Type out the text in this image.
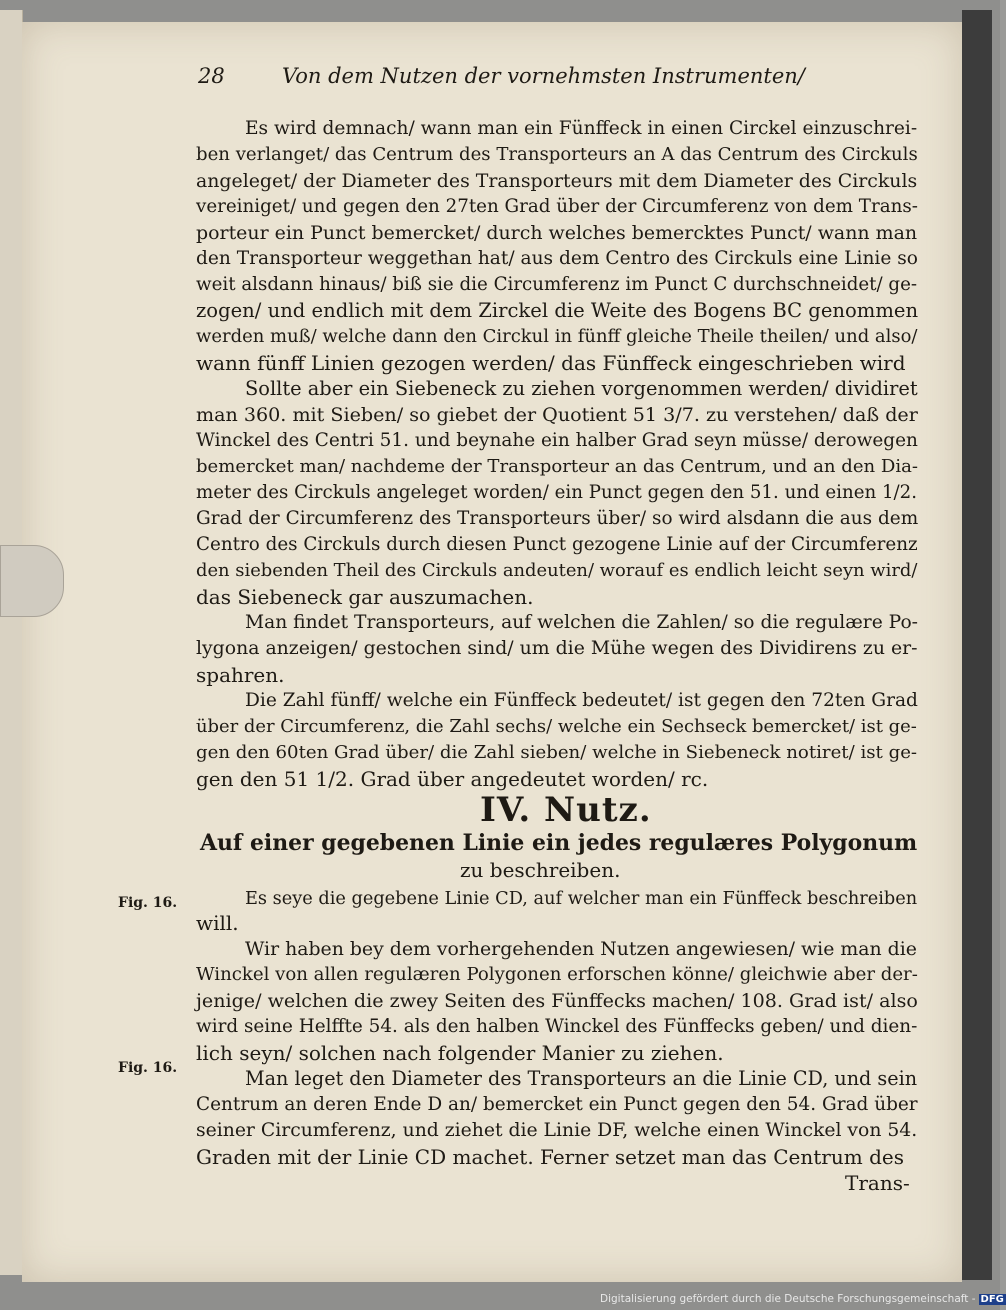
28	Von dem Nutzen der vornehmsten Instrumenten/
Es wird demnach/ wann man ein Fünffeck in einen Circkel einzuschrei-
ben verlanget/ das Centrum des Transporteurs an A das Centrum des Circkuls
angeleget/ der Diameter des Transporteurs mit dem Diameter des Circkuls
vereiniget/ und gegen den 27ten Grad über der Circumferenz von dem Trans-
porteur ein Punct bemercket/ durch welches bemercktes Punct/ wann man
den Transporteur weggethan hat/ aus dem Centro des Circkuls eine Linie so
weit alsdann hinaus/ biß sie die Circumferenz im Punct C durchschneidet/ ge-
zogen/ und endlich mit dem Zirckel die Weite des Bogens BC genommen
werden muß/ welche dann den Circkul in fünff gleiche Theile theilen/ und also/
wann fünff Linien gezogen werden/ das Fünffeck eingeschrieben wird
Sollte aber ein Siebeneck zu ziehen vorgenommen werden/ dividiret
man 360. mit Sieben/ so giebet der Quotient 51 3/7. zu verstehen/ daß der
Winckel des Centri 51. und beynahe ein halber Grad seyn müsse/ derowegen
bemercket man/ nachdeme der Transporteur an das Centrum, und an den Dia-
meter des Circkuls angeleget worden/ ein Punct gegen den 51. und einen 1/2.
Grad der Circumferenz des Transporteurs über/ so wird alsdann die aus dem
Centro des Circkuls durch diesen Punct gezogene Linie auf der Circumferenz
den siebenden Theil des Circkuls andeuten/ worauf es endlich leicht seyn wird/
das Siebeneck gar auszumachen.
Man findet Transporteurs, auf welchen die Zahlen/ so die regulære Po-
lygona anzeigen/ gestochen sind/ um die Mühe wegen des Dividirens zu er-
spahren.
Die Zahl fünff/ welche ein Fünffeck bedeutet/ ist gegen den 72ten Grad
über der Circumferenz, die Zahl sechs/ welche ein Sechseck bemercket/ ist ge-
gen den 60ten Grad über/ die Zahl sieben/ welche in Siebeneck notiret/ ist ge-
gen den 51 1/2. Grad über angedeutet worden/ rc.
IV. Nutz.
Auf einer gegebenen Linie ein jedes regulæres Polygonum
zu beschreiben.
Fig. 16.
Fig. 16.
Es seye die gegebene Linie CD, auf welcher man ein Fünffeck beschreiben
will.
Wir haben bey dem vorhergehenden Nutzen angewiesen/ wie man die
Winckel von allen regulæren Polygonen erforschen könne/ gleichwie aber der-
jenige/ welchen die zwey Seiten des Fünffecks machen/ 108. Grad ist/ also
wird seine Helffte 54. als den halben Winckel des Fünffecks geben/ und dien-
lich seyn/ solchen nach folgender Manier zu ziehen.
Man leget den Diameter des Transporteurs an die Linie CD, und sein
Centrum an deren Ende D an/ bemercket ein Punct gegen den 54. Grad über
seiner Circumferenz, und ziehet die Linie DF, welche einen Winckel von 54.
Graden mit der Linie CD machet. Ferner setzet man das Centrum des
Trans-
Digitalisierung gefördert durch die Deutsche Forschungsgemeinschaft - DFG
